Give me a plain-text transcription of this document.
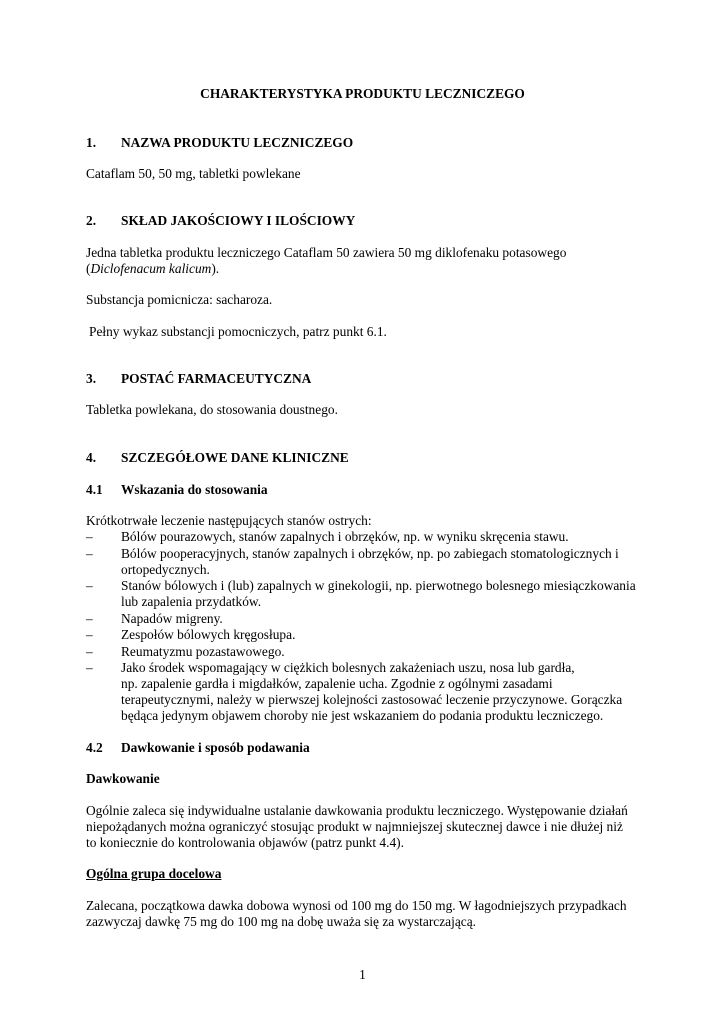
CHARAKTERYSTYKA PRODUKTU LECZNICZEGO

1. NAZWA PRODUKTU LECZNICZEGO

Cataflam 50, 50 mg, tabletki powlekane

2. SKŁAD JAKOŚCIOWY I ILOŚCIOWY

Jedna tabletka produktu leczniczego Cataflam 50 zawiera 50 mg diklofenaku potasowego

(Diclofenacum kalicum).

Substancja pomicnicza: sacharoza.

Pełny wykaz substancji pomocniczych, patrz punkt 6.1.

3. POSTAĆ FARMACEUTYCZNA

Tabletka powlekana, do stosowania doustnego.

4. SZCZEGÓŁOWE DANE KLINICZNE

4.1 Wskazania do stosowania

Krótkotrwałe leczenie następujących stanów ostrych:

–

–

–

–

–

–

–

Bólów pourazowych, stanów zapalnych i obrzęków, np. w wyniku skręcenia stawu.

Bólów pooperacyjnych, stanów zapalnych i obrzęków, np. po zabiegach stomatologicznych i

ortopedycznych.

Stanów bólowych i (lub) zapalnych w ginekologii, np. pierwotnego bolesnego miesiączkowania

lub zapalenia przydatków.

Napadów migreny.

Zespołów bólowych kręgosłupa.

Reumatyzmu pozastawowego.

Jako środek wspomagający w ciężkich bolesnych zakażeniach uszu, nosa lub gardła,

np. zapalenie gardła i migdałków, zapalenie ucha. Zgodnie z ogólnymi zasadami

terapeutycznymi, należy w pierwszej kolejności zastosować leczenie przyczynowe. Gorączka

będąca jedynym objawem choroby nie jest wskazaniem do podania produktu leczniczego.

4.2 Dawkowanie i sposób podawania

Dawkowanie

Ogólnie zaleca się indywidualne ustalanie dawkowania produktu leczniczego. Występowanie działań

niepożądanych można ograniczyć stosując produkt w najmniejszej skutecznej dawce i nie dłużej niż

to koniecznie do kontrolowania objawów (patrz punkt 4.4).

Ogólna grupa docelowa

Zalecana, początkowa dawka dobowa wynosi od 100 mg do 150 mg. W łagodniejszych przypadkach

zazwyczaj dawkę 75 mg do 100 mg na dobę uważa się za wystarczającą.

1
